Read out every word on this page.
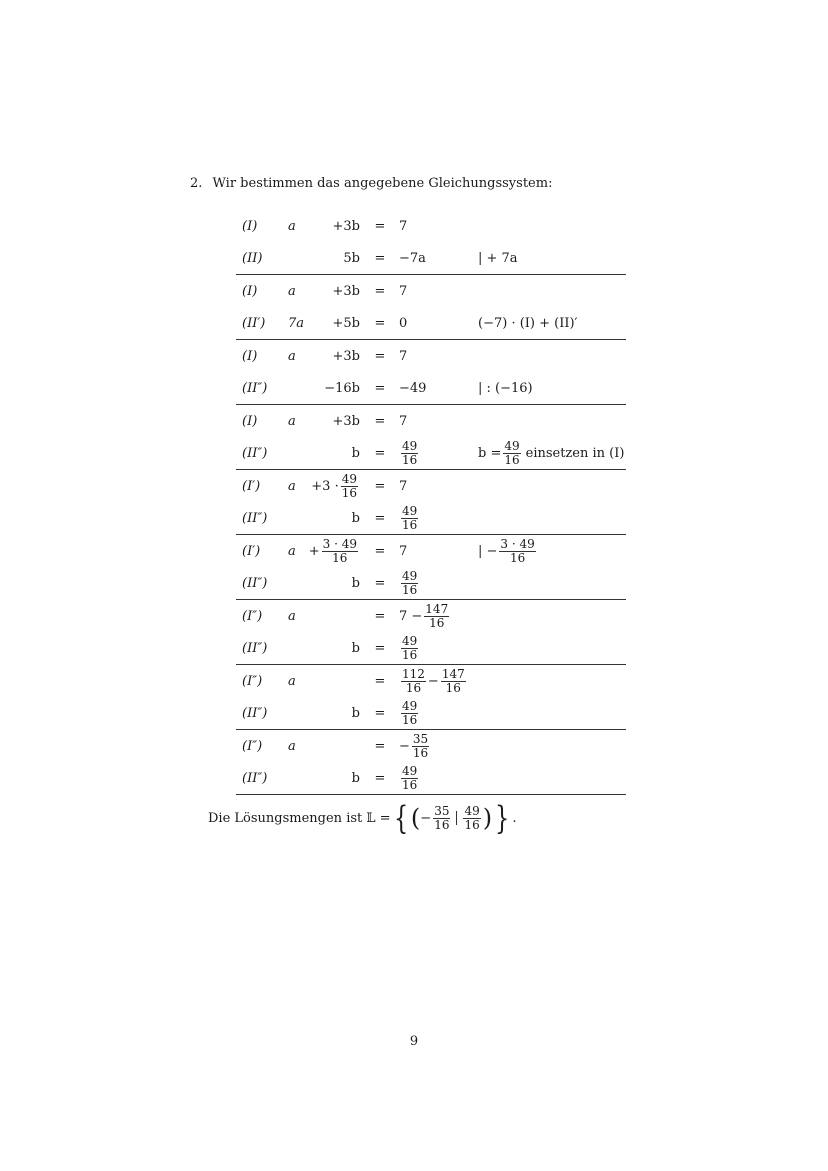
2. Wir bestimmen das angegebene Gleichungssystem:
(I) a	+3b = 7
(II)	5b = −7a	| + 7a
(I) a	+3b = 7
(II′) 7a +5b = 0	(−7) · (I) + (II)′
(I) a	+3b = 7
(II″)	−16b = −49	| : (−16)
(I) a	+3b = 7
(II″)	$b = \frac{49}{16}$	$b = \frac{49}{16}$ einsetzen in (I)
(I′) $a +3 \cdot \frac{49}{16} = 7$
(II″)	$b = \frac{49}{16}$
(I′) $a + \frac{3 \cdot 49}{16} = 7$	| − $\frac{3 \cdot 49}{16}$
(II″)	$b = \frac{49}{16}$
(I″) a	= $7 - \frac{147}{16}$
(II″)	$b = \frac{49}{16}$
(I″) a	= $\frac{112}{16} - \frac{147}{16}$
(II″)	$b = \frac{49}{16}$
(I″) a	= − $\frac{35}{16}$
(II″)	$b = \frac{49}{16}$
Die Lösungsmengen ist 𝕃 = { ( − $\frac{35}{16} \frac{49}{16}$ ) } .
9
